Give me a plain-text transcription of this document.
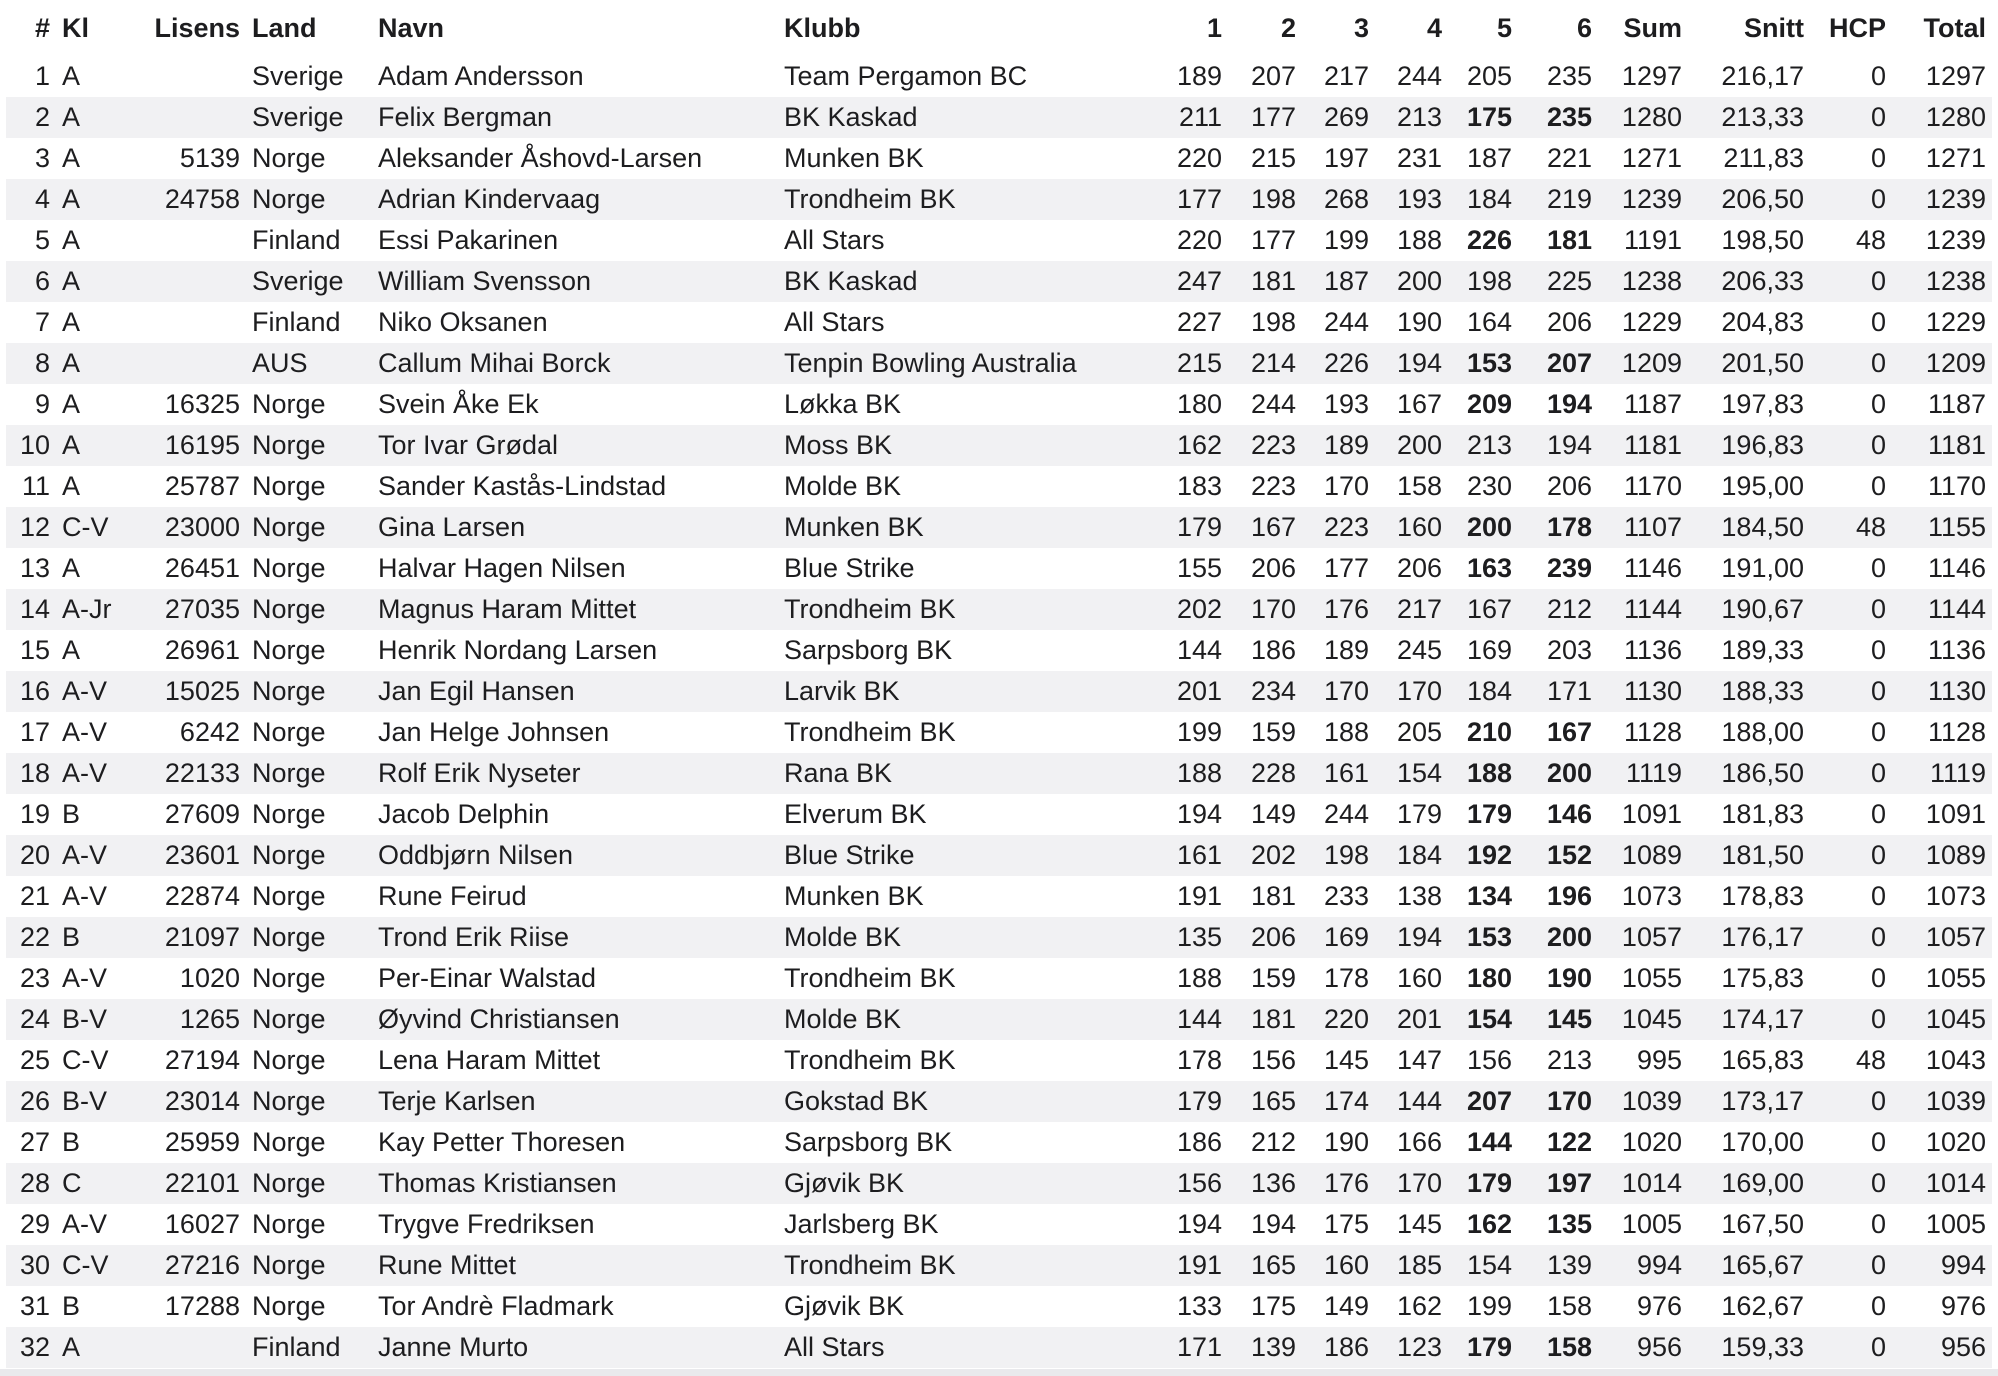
#	Kl	Lisens	Land	Navn	Klubb	1	2	3	4	5	6	Sum	Snitt	HCP	Total
1	A		Sverige	Adam Andersson	Team Pergamon BC	189	207	217	244	205	235	1297	216,17	0	1297
2	A		Sverige	Felix Bergman	BK Kaskad	211	177	269	213	175	235	1280	213,33	0	1280
3	A	5139	Norge	Aleksander Åshovd-Larsen	Munken BK	220	215	197	231	187	221	1271	211,83	0	1271
4	A	24758	Norge	Adrian Kindervaag	Trondheim BK	177	198	268	193	184	219	1239	206,50	0	1239
5	A		Finland	Essi Pakarinen	All Stars	220	177	199	188	226	181	1191	198,50	48	1239
6	A		Sverige	William Svensson	BK Kaskad	247	181	187	200	198	225	1238	206,33	0	1238
7	A		Finland	Niko Oksanen	All Stars	227	198	244	190	164	206	1229	204,83	0	1229
8	A		AUS	Callum Mihai Borck	Tenpin Bowling Australia	215	214	226	194	153	207	1209	201,50	0	1209
9	A	16325	Norge	Svein Åke Ek	Løkka BK	180	244	193	167	209	194	1187	197,83	0	1187
10	A	16195	Norge	Tor Ivar Grødal	Moss BK	162	223	189	200	213	194	1181	196,83	0	1181
11	A	25787	Norge	Sander Kastås-Lindstad	Molde BK	183	223	170	158	230	206	1170	195,00	0	1170
12	C-V	23000	Norge	Gina Larsen	Munken BK	179	167	223	160	200	178	1107	184,50	48	1155
13	A	26451	Norge	Halvar Hagen Nilsen	Blue Strike	155	206	177	206	163	239	1146	191,00	0	1146
14	A-Jr	27035	Norge	Magnus Haram Mittet	Trondheim BK	202	170	176	217	167	212	1144	190,67	0	1144
15	A	26961	Norge	Henrik Nordang Larsen	Sarpsborg BK	144	186	189	245	169	203	1136	189,33	0	1136
16	A-V	15025	Norge	Jan Egil Hansen	Larvik BK	201	234	170	170	184	171	1130	188,33	0	1130
17	A-V	6242	Norge	Jan Helge Johnsen	Trondheim BK	199	159	188	205	210	167	1128	188,00	0	1128
18	A-V	22133	Norge	Rolf Erik Nyseter	Rana BK	188	228	161	154	188	200	1119	186,50	0	1119
19	B	27609	Norge	Jacob Delphin	Elverum BK	194	149	244	179	179	146	1091	181,83	0	1091
20	A-V	23601	Norge	Oddbjørn Nilsen	Blue Strike	161	202	198	184	192	152	1089	181,50	0	1089
21	A-V	22874	Norge	Rune Feirud	Munken BK	191	181	233	138	134	196	1073	178,83	0	1073
22	B	21097	Norge	Trond Erik Riise	Molde BK	135	206	169	194	153	200	1057	176,17	0	1057
23	A-V	1020	Norge	Per-Einar Walstad	Trondheim BK	188	159	178	160	180	190	1055	175,83	0	1055
24	B-V	1265	Norge	Øyvind Christiansen	Molde BK	144	181	220	201	154	145	1045	174,17	0	1045
25	C-V	27194	Norge	Lena Haram Mittet	Trondheim BK	178	156	145	147	156	213	995	165,83	48	1043
26	B-V	23014	Norge	Terje Karlsen	Gokstad BK	179	165	174	144	207	170	1039	173,17	0	1039
27	B	25959	Norge	Kay Petter Thoresen	Sarpsborg BK	186	212	190	166	144	122	1020	170,00	0	1020
28	C	22101	Norge	Thomas Kristiansen	Gjøvik BK	156	136	176	170	179	197	1014	169,00	0	1014
29	A-V	16027	Norge	Trygve Fredriksen	Jarlsberg BK	194	194	175	145	162	135	1005	167,50	0	1005
30	C-V	27216	Norge	Rune Mittet	Trondheim BK	191	165	160	185	154	139	994	165,67	0	994
31	B	17288	Norge	Tor Andrè Fladmark	Gjøvik BK	133	175	149	162	199	158	976	162,67	0	976
32	A		Finland	Janne Murto	All Stars	171	139	186	123	179	158	956	159,33	0	956
